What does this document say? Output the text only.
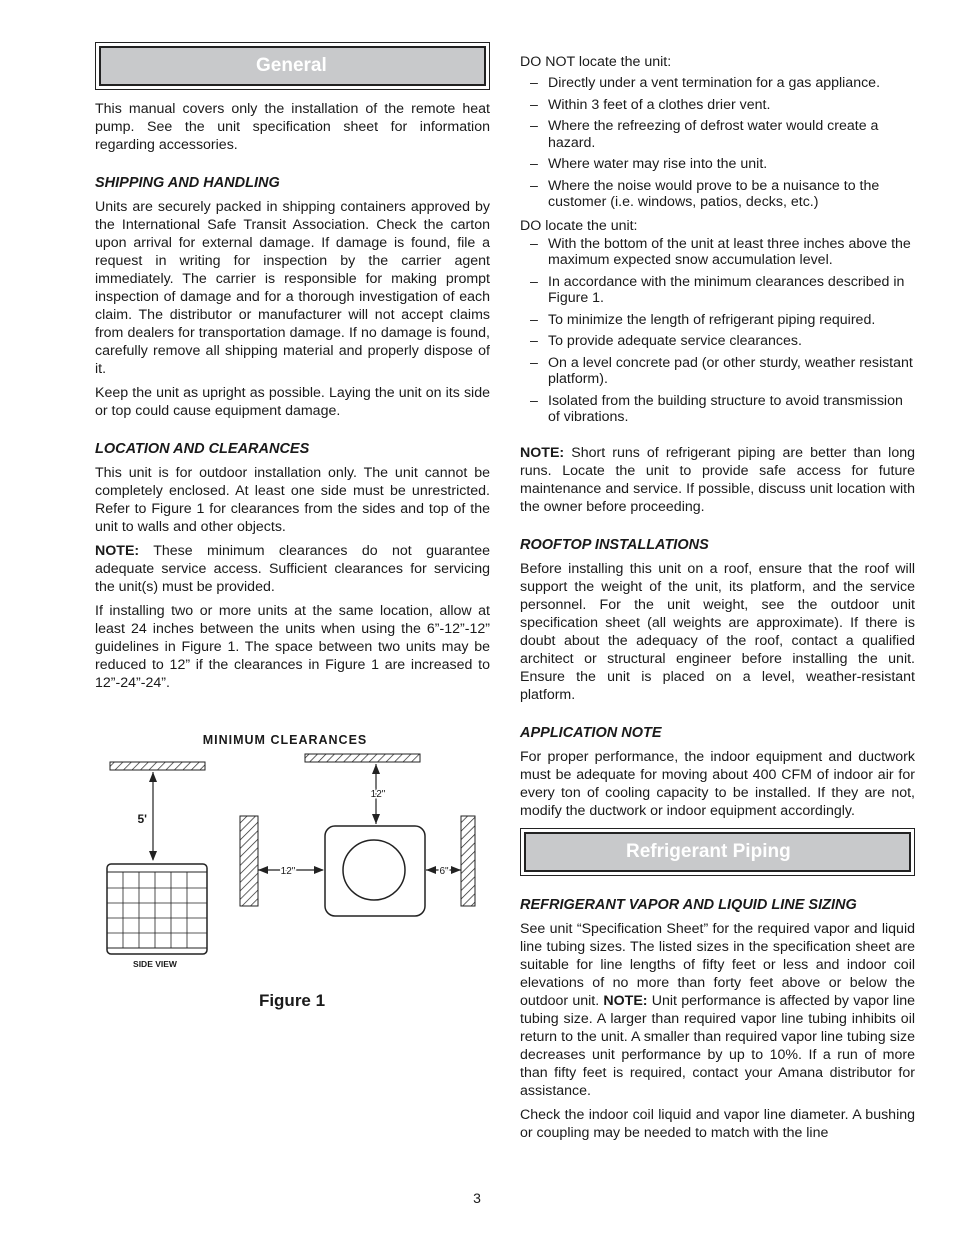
General

This manual covers only the installation of the remote heat pump. See the unit specification sheet for information regarding accessories.

SHIPPING AND HANDLING

Units are securely packed in shipping containers approved by the International Safe Transit Association. Check the carton upon arrival for external damage. If damage is found, file a request in writing for inspection by the carrier agent immediately. The carrier is responsible for making prompt inspection of damage and for a thorough investigation of each claim. The distributor or manufacturer will not accept claims from dealers for transportation damage. If no damage is found, carefully remove all shipping material and properly dispose of it.

Keep the unit as upright as possible. Laying the unit on its side or top could cause equipment damage.

LOCATION AND CLEARANCES

This unit is for outdoor installation only. The unit cannot be completely enclosed. At least one side must be unrestricted. Refer to Figure 1 for clearances from the sides and top of the unit to walls and other objects.

NOTE: These minimum clearances do not guarantee adequate service access. Sufficient clearances for servicing the unit(s) must be provided.

If installing two or more units at the same location, allow at least 24 inches between the units when using the 6”-12”-12” guidelines in Figure 1. The space between two units may be reduced to 12” if the clearances in Figure 1 are increased to 12”-24”-24”.

MINIMUM CLEARANCES
5'
SIDE VIEW
12"
12"	6"
Figure 1

DO NOT locate the unit:

– Directly under a vent termination for a gas appliance.
– Within 3 feet of a clothes drier vent.
– Where the refreezing of defrost water would create a hazard.
– Where water may rise into the unit.
– Where the noise would prove to be a nuisance to the customer (i.e. windows, patios, decks, etc.)

DO locate the unit:

– With the bottom of the unit at least three inches above the maximum expected snow accumulation level.
– In accordance with the minimum clearances described in Figure 1.
– To minimize the length of refrigerant piping required.
– To provide adequate service clearances.
– On a level concrete pad (or other sturdy, weather resistant platform).
– Isolated from the building structure to avoid transmission of vibrations.

NOTE: Short runs of refrigerant piping are better than long runs. Locate the unit to provide safe access for future maintenance and service. If possible, discuss unit location with the owner before proceeding.

ROOFTOP INSTALLATIONS

Before installing this unit on a roof, ensure that the roof will support the weight of the unit, its platform, and the service personnel. For the unit weight, see the outdoor unit specification sheet (all weights are approximate). If there is doubt about the adequacy of the roof, contact a qualified architect or structural engineer before installing the unit. Ensure the unit is placed on a level, weather-resistant platform.

APPLICATION NOTE

For proper performance, the indoor equipment and ductwork must be adequate for moving about 400 CFM of indoor air for every ton of cooling capacity to be installed. If they are not, modify the ductwork or indoor equipment accordingly.

Refrigerant Piping
REFRIGERANT VAPOR AND LIQUID LINE SIZING

See unit “Specification Sheet” for the required vapor and liquid line tubing sizes. The listed sizes in the specification sheet are suitable for line lengths of fifty feet or less and indoor coil elevations of no more than forty feet above or below the outdoor unit. NOTE: Unit performance is affected by vapor line tubing size. A larger than required vapor line tubing inhibits oil return to the unit. A smaller than required vapor line tubing size decreases unit performance by up to 10%. If a run of more than fifty feet is required, contact your Amana distributor for assistance.

Check the indoor coil liquid and vapor line diameter. A bushing or coupling may be needed to match with the line

3
